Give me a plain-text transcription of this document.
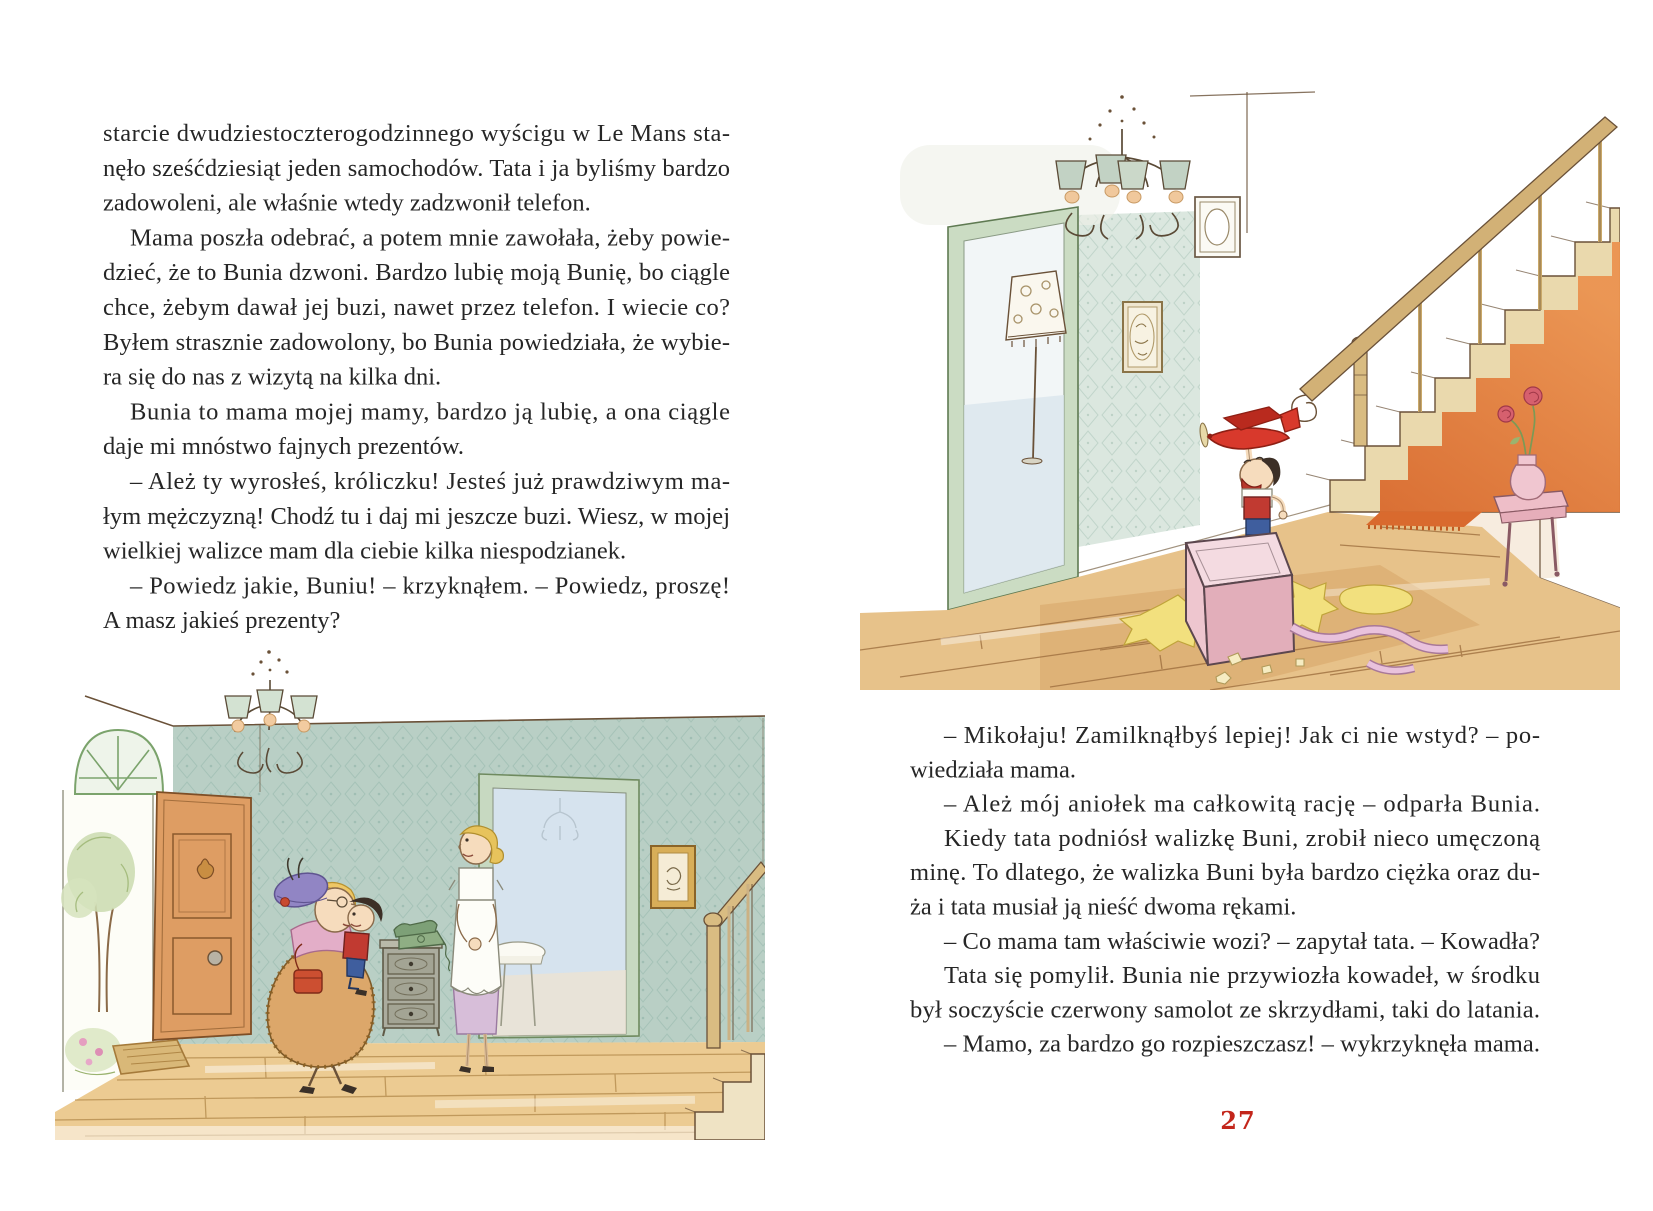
starcie dwudziestoczterogodzinnego wyścigu w Le Mans sta-
nęło sześćdziesiąt jeden samochodów. Tata i ja byliśmy bardzo
zadowoleni, ale właśnie wtedy zadzwonił telefon.
Mama poszła odebrać, a potem mnie zawołała, żeby powie-
dzieć, że to Bunia dzwoni. Bardzo lubię moją Bunię, bo ciągle
chce, żebym dawał jej buzi, nawet przez telefon. I wiecie co?
Byłem strasznie zadowolony, bo Bunia powiedziała, że wybie-
ra się do nas z wizytą na kilka dni.
Bunia to mama mojej mamy, bardzo ją lubię, a ona ciągle
daje mi mnóstwo fajnych prezentów.
– Ależ ty wyrosłeś, króliczku! Jesteś już prawdziwym ma-
łym mężczyzną! Chodź tu i daj mi jeszcze buzi. Wiesz, w mojej
wielkiej walizce mam dla ciebie kilka niespodzianek.
– Powiedz jakie, Buniu! – krzyknąłem. – Powiedz, proszę!
A masz jakieś prezenty?
– Mikołaju! Zamilknąłbyś lepiej! Jak ci nie wstyd? – po-
wiedziała mama.
– Ależ mój aniołek ma całkowitą rację – odparła Bunia.
Kiedy tata podniósł walizkę Buni, zrobił nieco umęczoną
minę. To dlatego, że walizka Buni była bardzo ciężka oraz du-
ża i tata musiał ją nieść dwoma rękami.
– Co mama tam właściwie wozi? – zapytał tata. – Kowadła?
Tata się pomylił. Bunia nie przywiozła kowadeł, w środku
był soczyście czerwony samolot ze skrzydłami, taki do latania.
– Mamo, za bardzo go rozpieszczasz! – wykrzyknęła mama.
27
